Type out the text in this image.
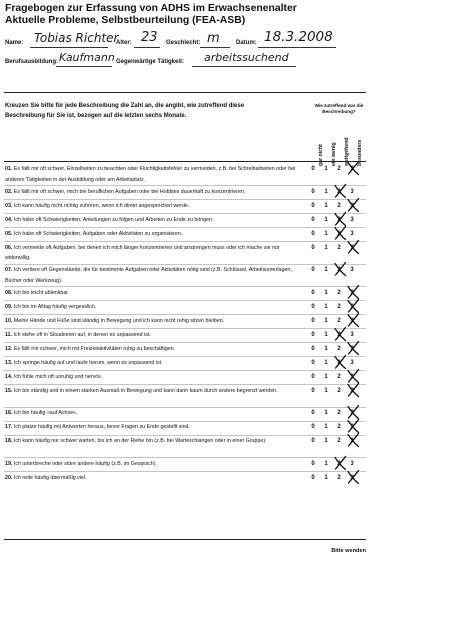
Fragebogen zur Erfassung von ADHS im Erwachsenenalter
Aktuelle Probleme, Selbstbeurteilung (FEA-ASB)
Name: Tobias Richter
Alter: 23 Geschlecht: m	Datum: 18.3.2008
Berufsausbildung: Kaufmann Gegenwärtige Tätigkeit: arbeitssuchend
Kreuzen Sie bitte für jede Beschreibung die Zahl an, die angibt, wie zutreffend diese Beschreibung für Sie ist, bezogen auf die letzten sechs Monate.
Wie zutreffend war die Beschreibung?
gar nicht ein wenig weitgehend besonders
01. Es fällt mir oft schwer, Einzelheiten zu beachten oder Flüchtigkeitsfehler zu vermeiden, z.B. bei Schreibarbeiten oder bei anderen Tätigkeiten in der Ausbildung oder am Arbeitsplatz.
0	1	2	3
02. Es fällt mir oft schwer, mich bei beruflichen Aufgaben oder bei Hobbies dauerhaft zu konzentrieren.	0	1	2	3
03. Ich kann häufig nicht richtig zuhören, wenn ich direkt angesprochen werde.	0	1	2	3
04. Ich habe oft Schwierigkeiten, Anleitungen zu folgen und Arbeiten zu Ende zu bringen.	0	1	2	3
05. Ich habe oft Schwierigkeiten, Aufgaben oder Aktivitäten zu organisieren.	0	1	2	3
06. Ich vermeide oft Aufgaben, bei denen ich mich länger konzentrieren und anstrengen muss oder ich mache sie nur widerwillig.
0	1	2	3
07. Ich verliere oft Gegenstände, die für bestimmte Aufgaben oder Aktivitäten nötig sind (z.B. Schlüssel, Arbeitsunterlagen, Bücher oder Werkzeug).
0	1	2	3
08. Ich bin leicht ablenkbar.	0	1	2	3
09. Ich bin im Alltag häufig vergesslich.	0	1	2	3
10. Meine Hände und Füße sind ständig in Bewegung und ich kann nicht ruhig sitzen bleiben.	0	1	2	3
11. Ich stehe oft in Situationen auf, in denen es unpassend ist.	0	1	2	3
12. Es fällt mir schwer, mich mit Freizeitaktivitäten ruhig zu beschäftigen.	0	1	2	3
13. Ich springe häufig auf und laufe herum, wenn es unpassend ist.	0	1	2	3
14. Ich fühle mich oft unruhig und nervös.	0	1	2	3
15. Ich bin ständig und in einem starken Ausmaß in Bewegung und kann darin kaum durch andere begrenzt werden.	0	1	2	3
16. Ich bin häufig »auf Achse«.	0	1	2	3
17. Ich platze häufig mit Antworten heraus, bevor Fragen zu Ende gestellt sind.	0	1	2	3
18. Ich kann häufig nur schwer warten, bis ich an der Reihe bin (z.B. bei Warteschlangen oder in einer Gruppe).	0	1	2	3
19. Ich unterbreche oder störe andere häufig (z.B. im Gespräch).	0	1	2	3
20. Ich rede häufig übermäßig viel.	0	1	2	3
Bitte wenden
